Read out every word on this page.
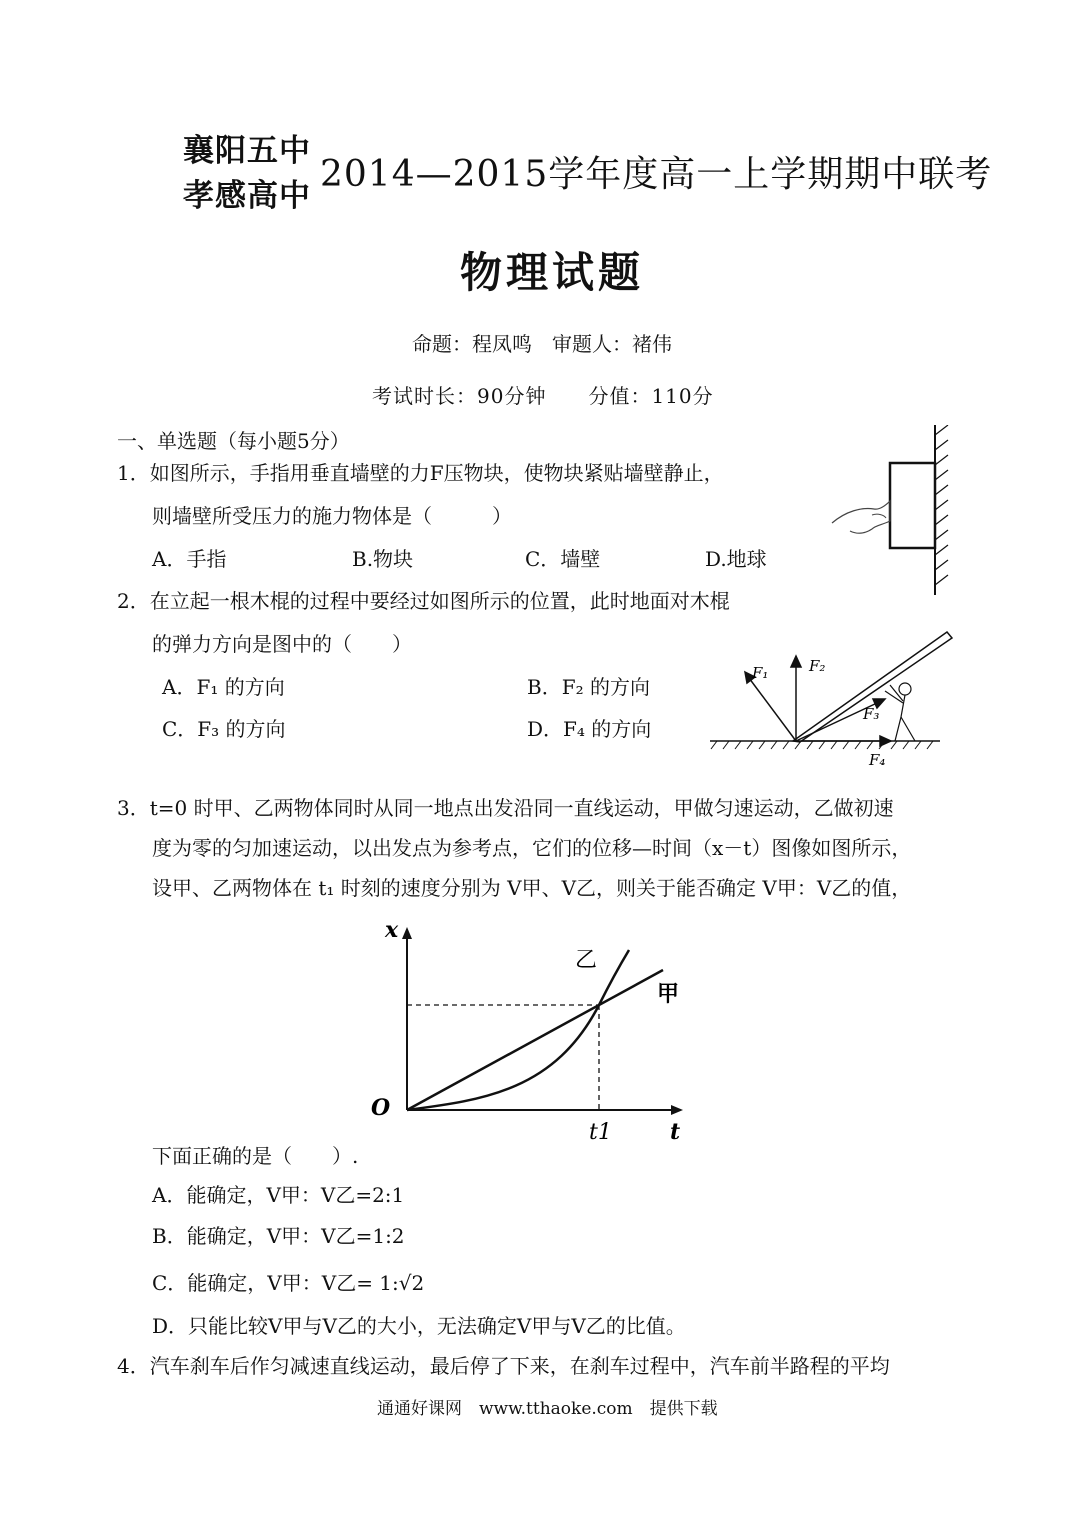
襄阳五中
孝感高中
2014—2015学年度高一上学期期中联考
物理试题
命题：程凤鸣　审题人：褚伟
考试时长：90分钟　　分值：110分
一、单选题（每小题5分）
1．如图所示，手指用垂直墙壁的力F压物块，使物块紧贴墙壁静止，
则墙壁所受压力的施力物体是（　　　）
A．手指	B.物块	C．墙壁	D.地球
2．在立起一根木棍的过程中要经过如图所示的位置，此时地面对木棍
的弹力方向是图中的（　　）
A．F₁ 的方向	B．F₂ 的方向
C．F₃ 的方向	D．F₄ 的方向
F₁	F₂
F₃
F₄
3．t=0 时甲、乙两物体同时从同一地点出发沿同一直线运动，甲做匀速运动，乙做初速
度为零的匀加速运动，以出发点为参考点，它们的位移—时间（x－t）图像如图所示，
设甲、乙两物体在 t₁ 时刻的速度分别为 V甲、V乙，则关于能否确定 V甲：V乙的值，
x
t
O
t1
乙
甲
下面正确的是（　　）.
A．能确定，V甲：V乙=2:1
B．能确定，V甲：V乙=1:2
C．能确定，V甲：V乙= 1:√2
D．只能比较V甲与V乙的大小，无法确定V甲与V乙的比值。
4．汽车刹车后作匀减速直线运动，最后停了下来，在刹车过程中，汽车前半路程的平均
通通好课网　www.tthaoke.com　提供下载
